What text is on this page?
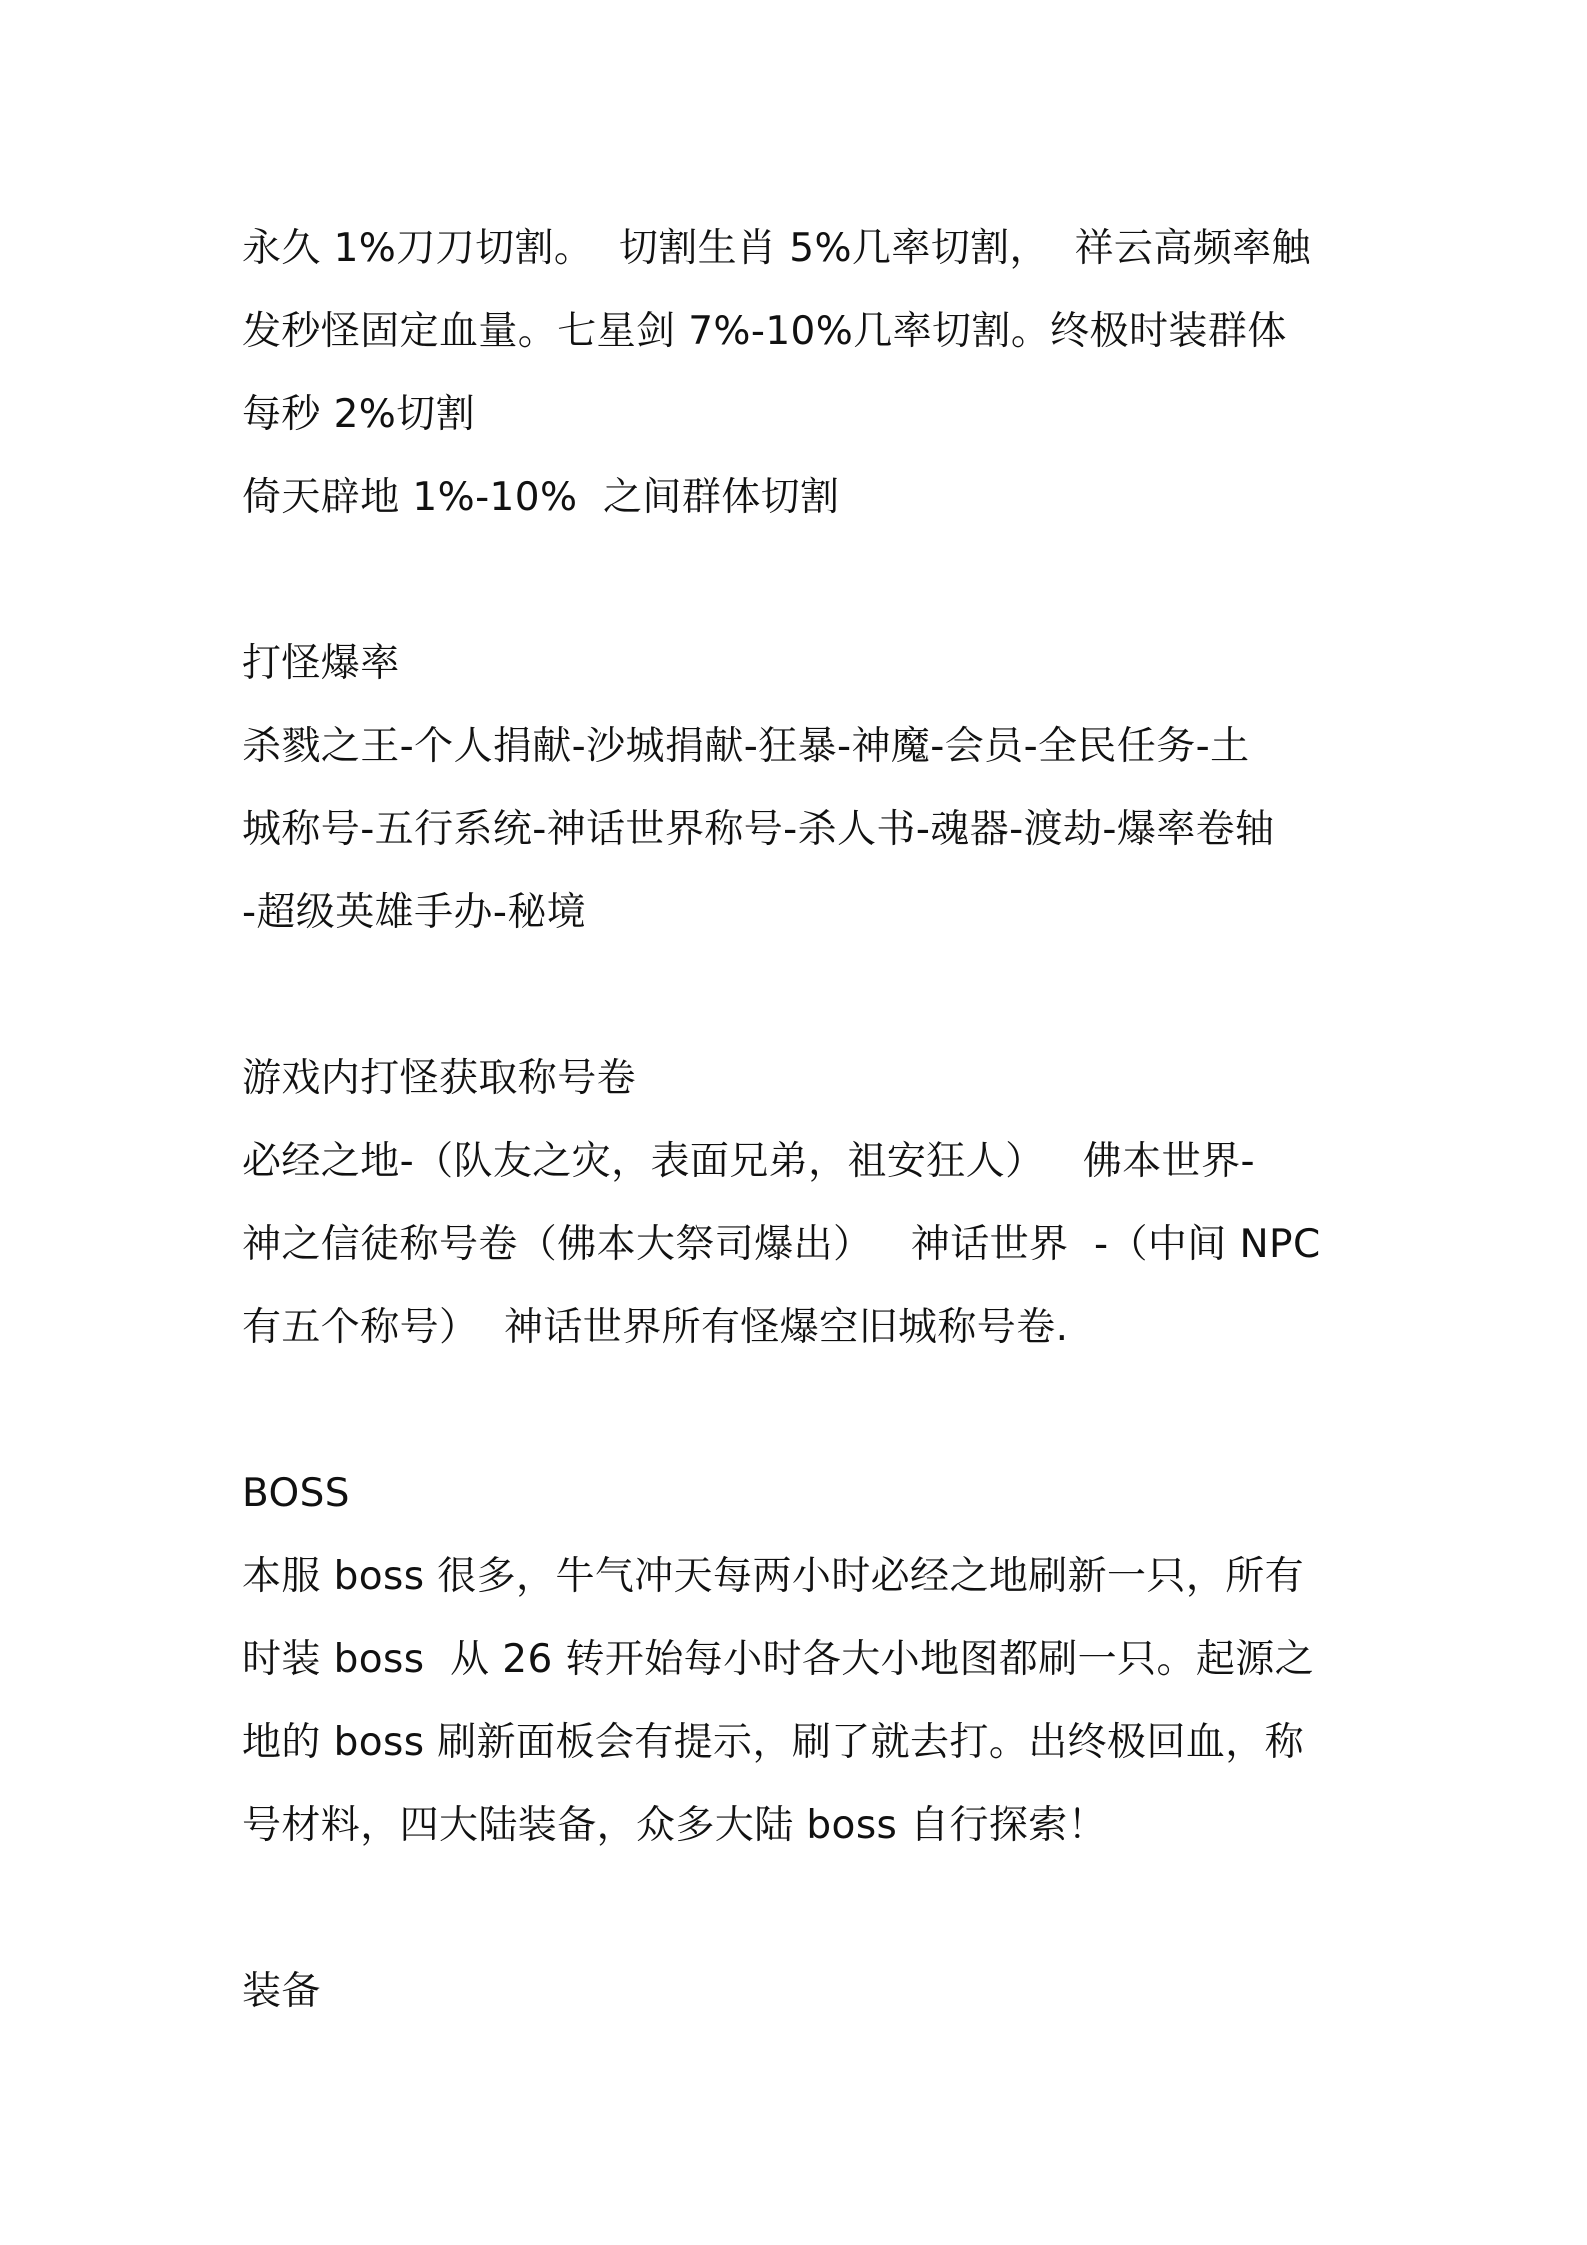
永久 1%刀刀切割。  切割生肖 5%几率切割，  祥云高频率触
发秒怪固定血量。七星剑 7%-10%几率切割。终极时装群体
每秒 2%切割
倚天辟地 1%-10%  之间群体切割
打怪爆率
杀戮之王-个人捐献-沙城捐献-狂暴-神魔-会员-全民任务-土
城称号-五行系统-神话世界称号-杀人书-魂器-渡劫-爆率卷轴
-超级英雄手办-秘境
游戏内打怪获取称号卷
必经之地-（队友之灾，表面兄弟，祖安狂人）   佛本世界-
神之信徒称号卷（佛本大祭司爆出）   神话世界  -（中间 NPC
有五个称号）  神话世界所有怪爆空旧城称号卷.
BOSS
本服 boss 很多，牛气冲天每两小时必经之地刷新一只，所有
时装 boss  从 26 转开始每小时各大小地图都刷一只。起源之
地的 boss 刷新面板会有提示，刷了就去打。出终极回血，称
号材料，四大陆装备，众多大陆 boss 自行探索！
装备
